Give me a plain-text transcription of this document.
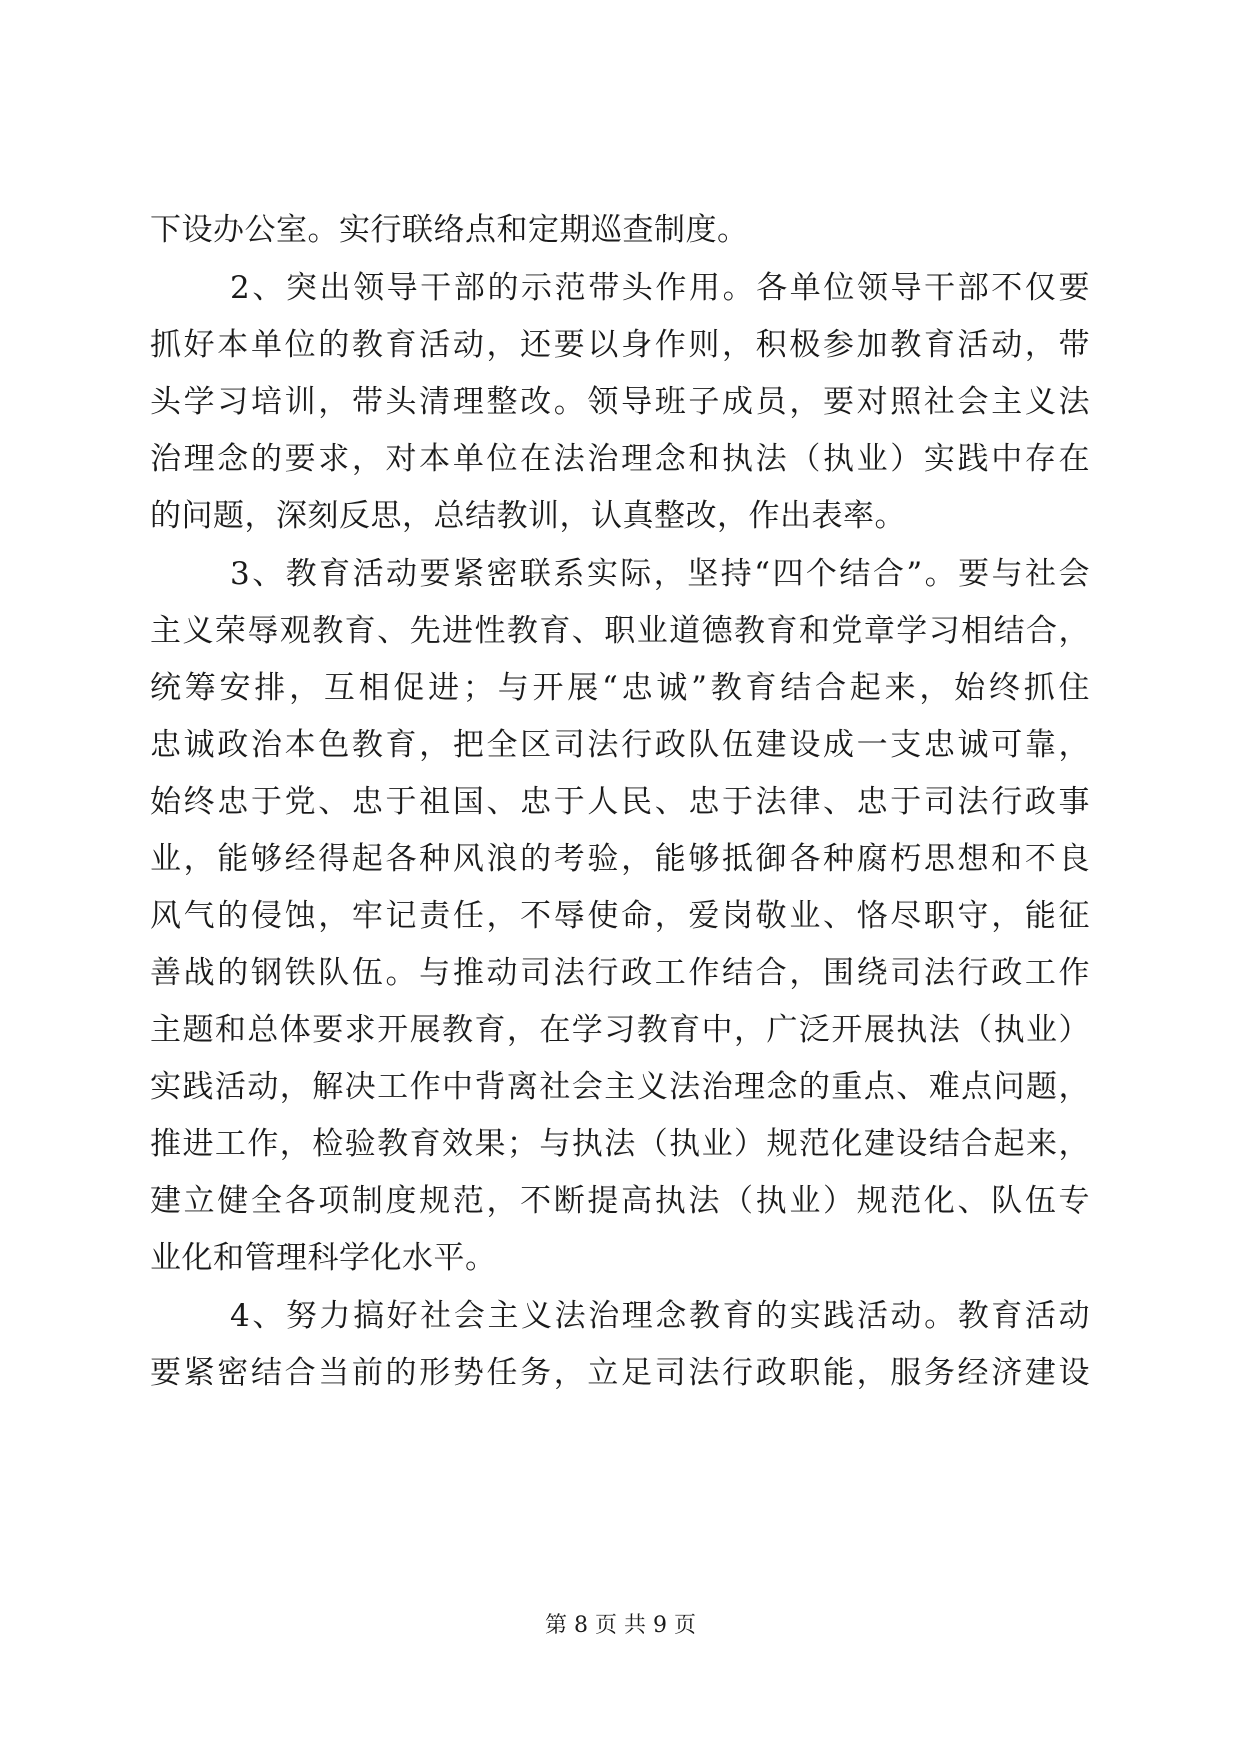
下设办公室。实行联络点和定期巡查制度。
2、突出领导干部的示范带头作用。各单位领导干部不仅要
抓好本单位的教育活动，还要以身作则，积极参加教育活动，带
头学习培训，带头清理整改。领导班子成员，要对照社会主义法
治理念的要求，对本单位在法治理念和执法（执业）实践中存在
的问题，深刻反思，总结教训，认真整改，作出表率。
3、教育活动要紧密联系实际，坚持“四个结合”。要与社会
主义荣辱观教育、先进性教育、职业道德教育和党章学习相结合，
统筹安排，互相促进；与开展“忠诚”教育结合起来，始终抓住
忠诚政治本色教育，把全区司法行政队伍建设成一支忠诚可靠，
始终忠于党、忠于祖国、忠于人民、忠于法律、忠于司法行政事
业，能够经得起各种风浪的考验，能够抵御各种腐朽思想和不良
风气的侵蚀，牢记责任，不辱使命，爱岗敬业、恪尽职守，能征
善战的钢铁队伍。与推动司法行政工作结合，围绕司法行政工作
主题和总体要求开展教育，在学习教育中，广泛开展执法（执业）
实践活动，解决工作中背离社会主义法治理念的重点、难点问题，
推进工作，检验教育效果；与执法（执业）规范化建设结合起来，
建立健全各项制度规范，不断提高执法（执业）规范化、队伍专
业化和管理科学化水平。
4、努力搞好社会主义法治理念教育的实践活动。教育活动
要紧密结合当前的形势任务，立足司法行政职能，服务经济建设
第 8 页 共 9 页
